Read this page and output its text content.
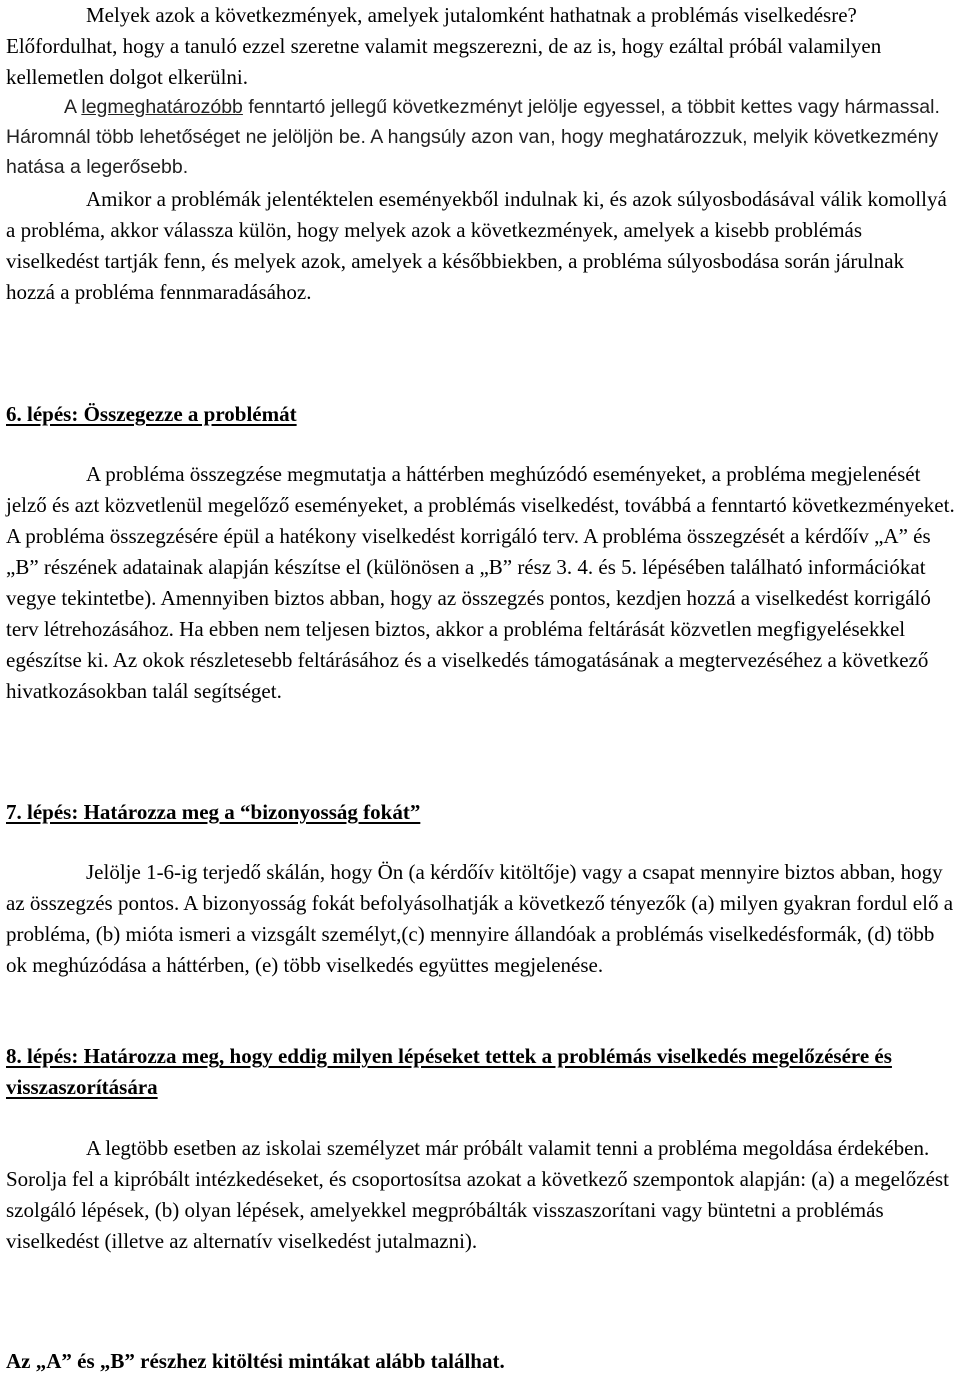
Melyek azok a következmények, amelyek jutalomként hathatnak a problémás viselkedésre? Előfordulhat, hogy a tanuló ezzel szeretne valamit megszerezni, de az is, hogy ezáltal próbál valamilyen kellemetlen dolgot elkerülni.

A legmeghatározóbb fenntartó jellegű következményt jelölje egyessel, a többit kettes vagy hármassal. Háromnál több lehetőséget ne jelöljön be. A hangsúly azon van, hogy meghatározzuk, melyik következmény hatása a legerősebb.

Amikor a problémák jelentéktelen eseményekből indulnak ki, és azok súlyosbodásával válik komollyá a probléma, akkor válassza külön, hogy melyek azok a következmények, amelyek a kisebb problémás viselkedést tartják fenn, és melyek azok, amelyek a későbbiekben, a probléma súlyosbodása során járulnak hozzá a probléma fennmaradásához.

6. lépés: Összegezze a problémát

A probléma összegzése megmutatja a háttérben meghúzódó eseményeket, a probléma megjelenését jelző és azt közvetlenül megelőző eseményeket, a problémás viselkedést, továbbá a fenntartó következményeket. A probléma összegzésére épül a hatékony viselkedést korrigáló terv. A probléma összegzését a kérdőív „A” és „B” részének adatainak alapján készítse el (különösen a „B” rész 3. 4. és 5. lépésében található információkat vegye tekintetbe). Amennyiben biztos abban, hogy az összegzés pontos, kezdjen hozzá a viselkedést korrigáló terv létrehozásához. Ha ebben nem teljesen biztos, akkor a probléma feltárását közvetlen megfigyelésekkel egészítse ki. Az okok részletesebb feltárásához és a viselkedés támogatásának a megtervezéséhez a következő hivatkozásokban talál segítséget.

7. lépés: Határozza meg a “bizonyosság fokát”

Jelölje 1-6-ig terjedő skálán, hogy Ön (a kérdőív kitöltője) vagy a csapat mennyire biztos abban, hogy az összegzés pontos. A bizonyosság fokát befolyásolhatják a következő tényezők (a) milyen gyakran fordul elő a probléma, (b) mióta ismeri a vizsgált személyt,(c) mennyire állandóak a problémás viselkedésformák, (d) több ok meghúzódása a háttérben, (e) több viselkedés együttes megjelenése.

8. lépés: Határozza meg, hogy eddig milyen lépéseket tettek a problémás viselkedés megelőzésére és visszaszorítására

A legtöbb esetben az iskolai személyzet már próbált valamit tenni a probléma megoldása érdekében. Sorolja fel a kipróbált intézkedéseket, és csoportosítsa azokat a következő szempontok alapján: (a) a megelőzést szolgáló lépések, (b) olyan lépések, amelyekkel megpróbálták visszaszorítani vagy büntetni a problémás viselkedést (illetve az alternatív viselkedést jutalmazni).

Az „A” és „B” részhez kitöltési mintákat alább találhat.
